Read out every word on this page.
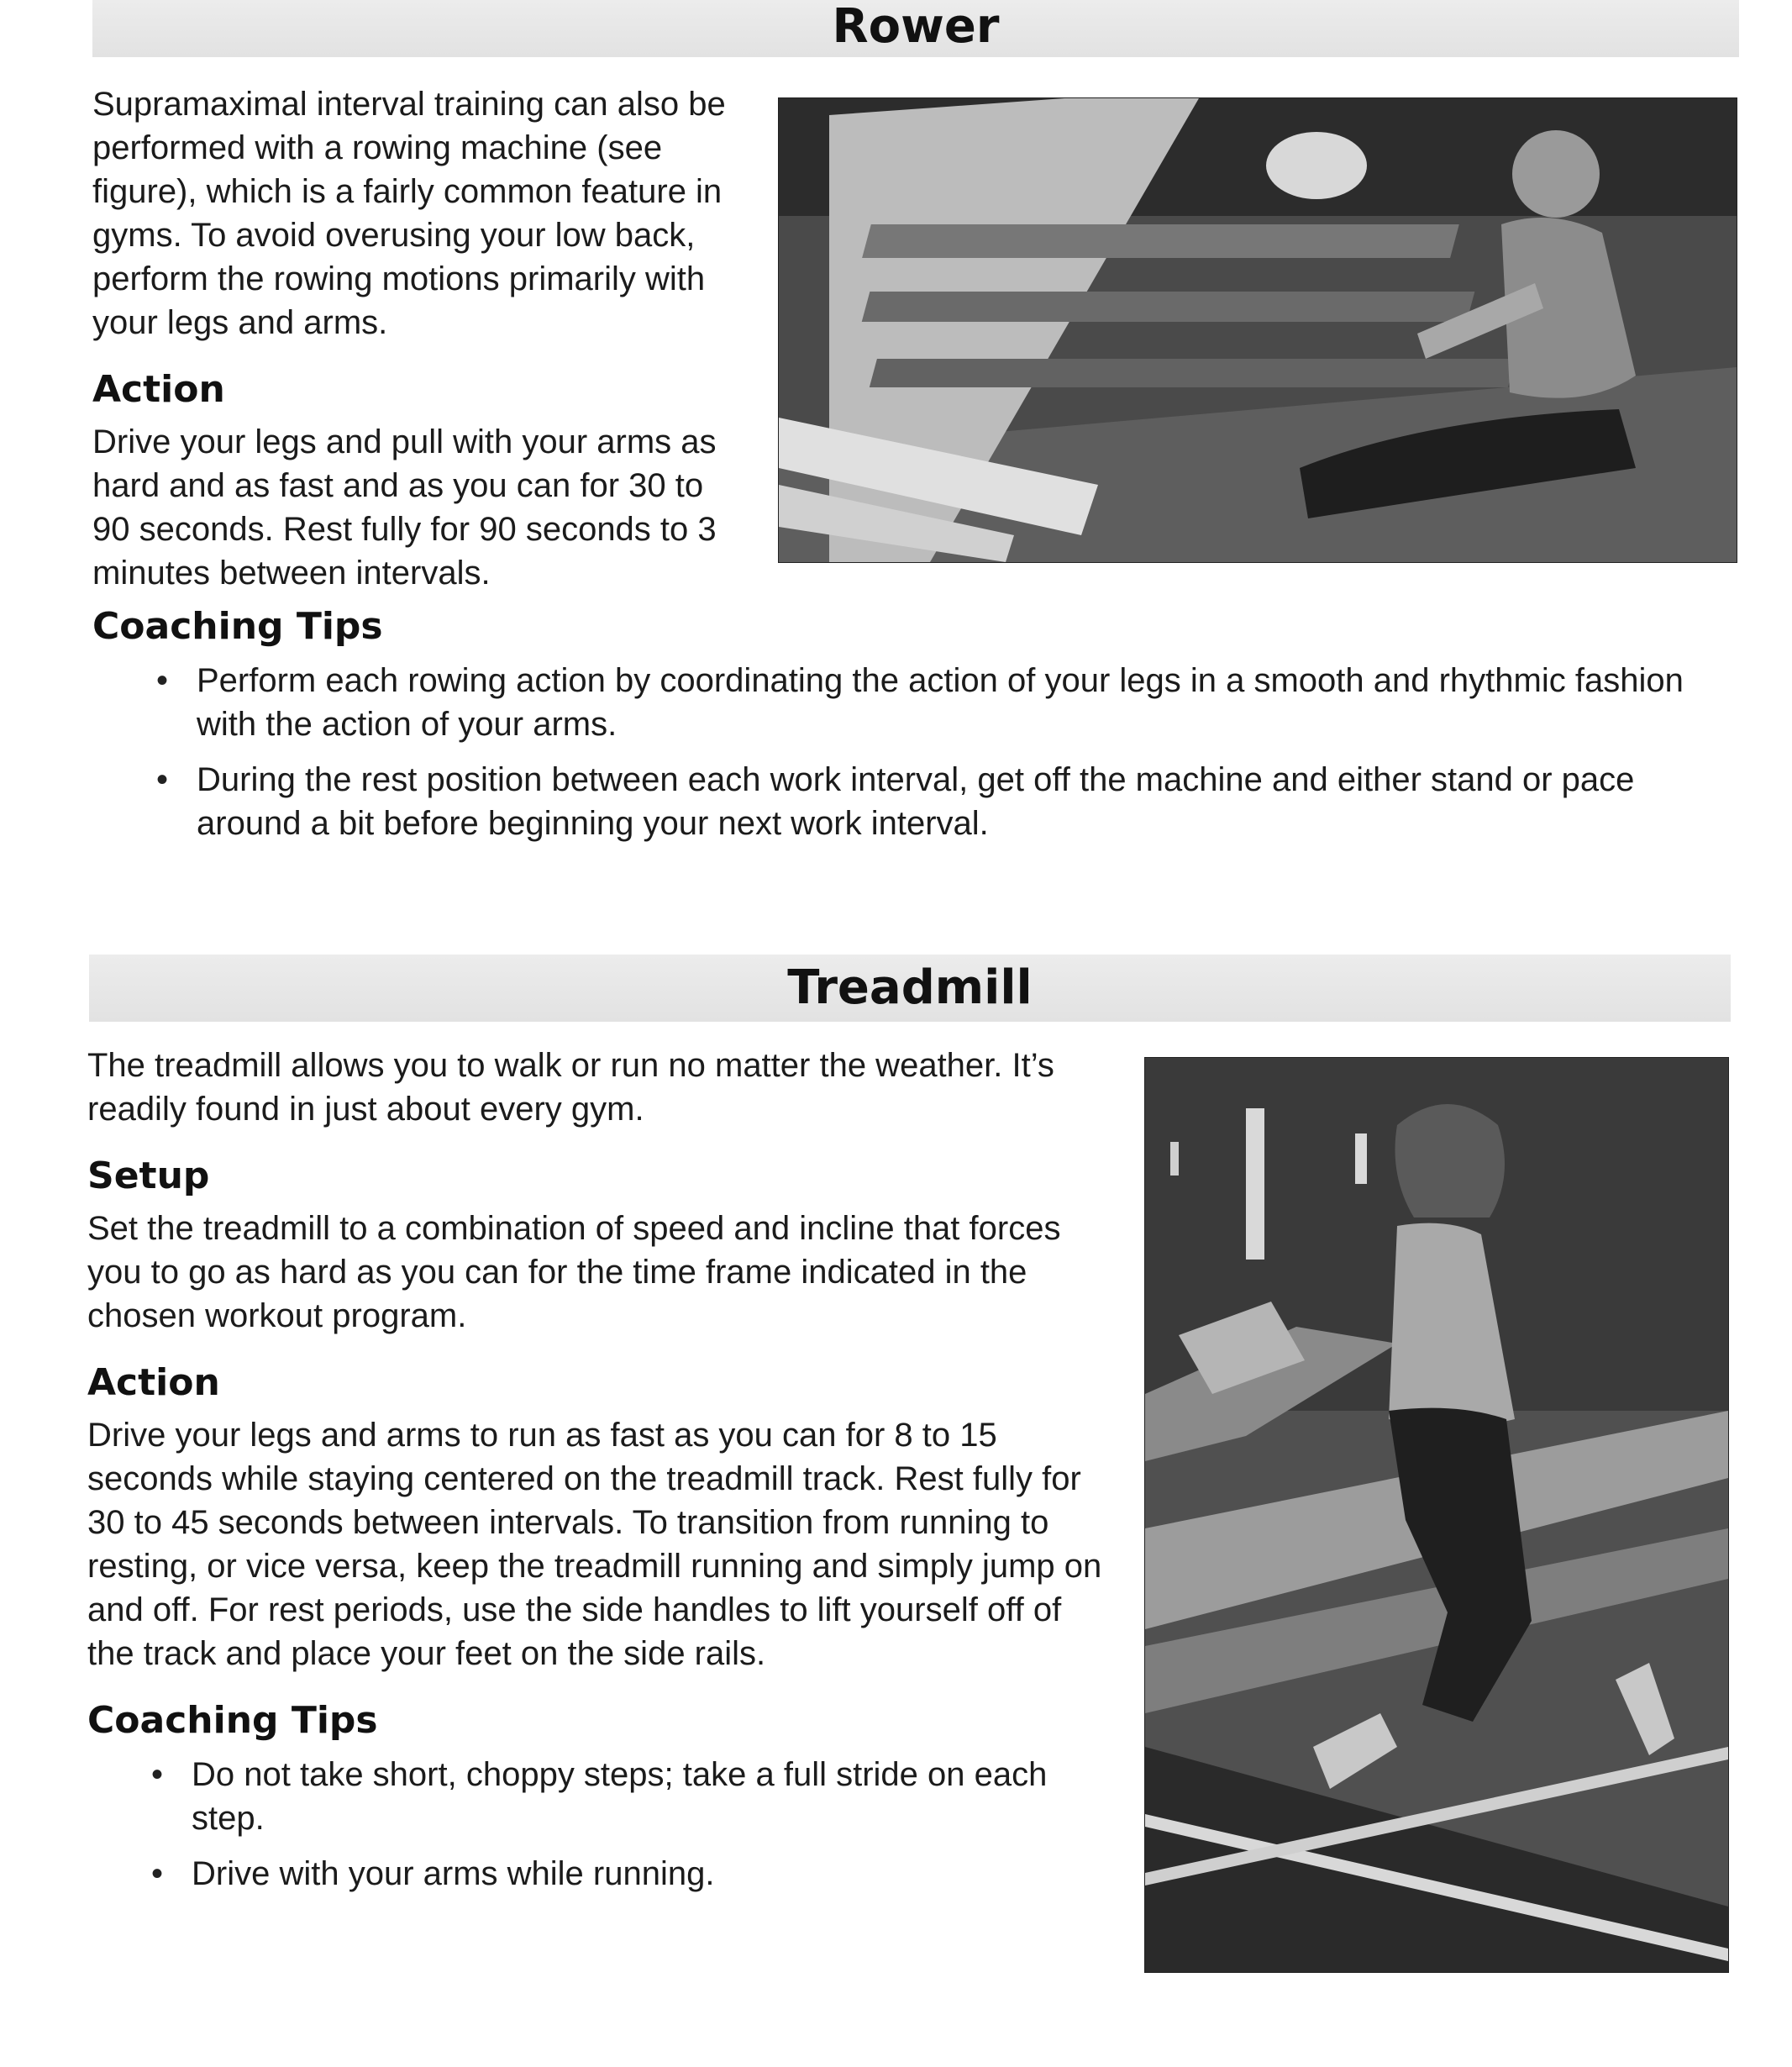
Rower

Supramaximal interval training can also be performed with a rowing machine (see figure), which is a fairly common feature in gyms. To avoid overusing your low back, perform the rowing motions primarily with your legs and arms.

Action

Drive your legs and pull with your arms as hard and as fast and as you can for 30 to 90 seconds. Rest fully for 90 seconds to 3 minutes between intervals.

Coaching Tips
• Perform each rowing action by coordinating the action of your legs in a smooth and rhythmic fashion with the action of your arms.
• During the rest position between each work interval, get off the machine and either stand or pace around a bit before beginning your next work interval.
Treadmill

The treadmill allows you to walk or run no matter the weather. It’s readily found in just about every gym.

Setup

Set the treadmill to a combination of speed and incline that forces you to go as hard as you can for the time frame indicated in the chosen workout program.

Action

Drive your legs and arms to run as fast as you can for 8 to 15 seconds while staying centered on the treadmill track. Rest fully for 30 to 45 seconds between intervals. To transition from running to resting, or vice versa, keep the treadmill running and simply jump on and off. For rest periods, use the side handles to lift yourself off of the track and place your feet on the side rails.

Coaching Tips
• Do not take short, choppy steps; take a full stride on each step.
• Drive with your arms while running.
